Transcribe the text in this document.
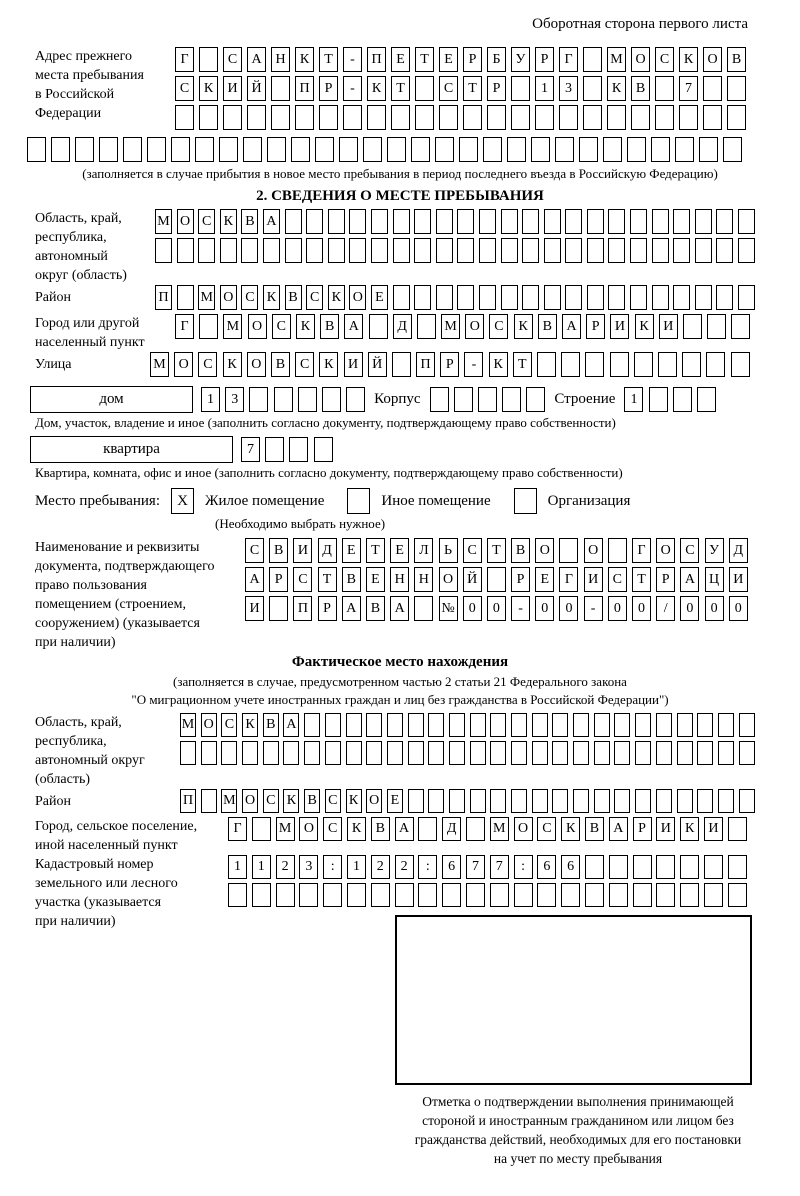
Оборотная сторона первого листа
Адрес прежнего
места пребывания
в Российской
Федерации
Г	С	А Н	К	Т	-	П	Е	Т	Е	Р	Б	У	Р	Г	М О	С	К	О	В
С	К	И Й	П	Р	-	К	Т	С	Т	Р	1	3	К	В	7
(заполняется в случае прибытия в новое место пребывания в период последнего въезда в Российскую Федерацию)
2. СВЕДЕНИЯ О МЕСТЕ ПРЕБЫВАНИЯ
Область, край,
республика,
автономный
округ (область)
М О С К В А
Район	П М О С К В С К О Е
Город или другой
населенный пункт
Г	М О	С	К	В	А	Д	М О	С	К	В	А	Р	И	К	И
Улица	М О	С	К	О	В	С	К	И	Й	П	Р	-	К	Т
дом	1	3	Корпус	Строение	1
Дом, участок, владение и иное (заполнить согласно документу, подтверждающему право собственности)
квартира	7
Квартира, комната, офис и иное (заполнить согласно документу, подтверждающему право собственности)
Место пребывания:	X	Жилое помещение	Иное помещение	Организация
(Необходимо выбрать нужное)
Наименование и реквизиты
документа, подтверждающего
право пользования
помещением (строением,
сооружением) (указывается
при наличии)
С	В	И	Д	Е	Т	Е	Л	Ь	С	Т	В	О	О	Г	О	С	У	Д
А	Р	С	Т	В	Е	Н	Н	О	Й	Р	Е	Г	И	С	Т	Р	А	Ц	И
И	П	Р	А	В	А	№	0	0	-	0	0	-	0	0	/	0	0	0
Фактическое место нахождения
(заполняется в случае, предусмотренном частью 2 статьи 21 Федерального закона
"О миграционном учете иностранных граждан и лиц без гражданства в Российской Федерации")
Область, край,
республика,
автономный округ
(область)
М О С К В А
Район	П М О С К В С К О Е
Город, сельское поселение,
иной населенный пункт
Г	М О	С	К	В	А	Д	М О	С	К	В	А	Р	И	К	И
Кадастровый номер
земельного или лесного
участка (указывается
при наличии)
1	1	2	3	:	1	2	2	:	6	7	7	:	6	6
Отметка о подтверждении выполнения принимающей
стороной и иностранным гражданином или лицом без
гражданства действий, необходимых для его постановки
на учет по месту пребывания
